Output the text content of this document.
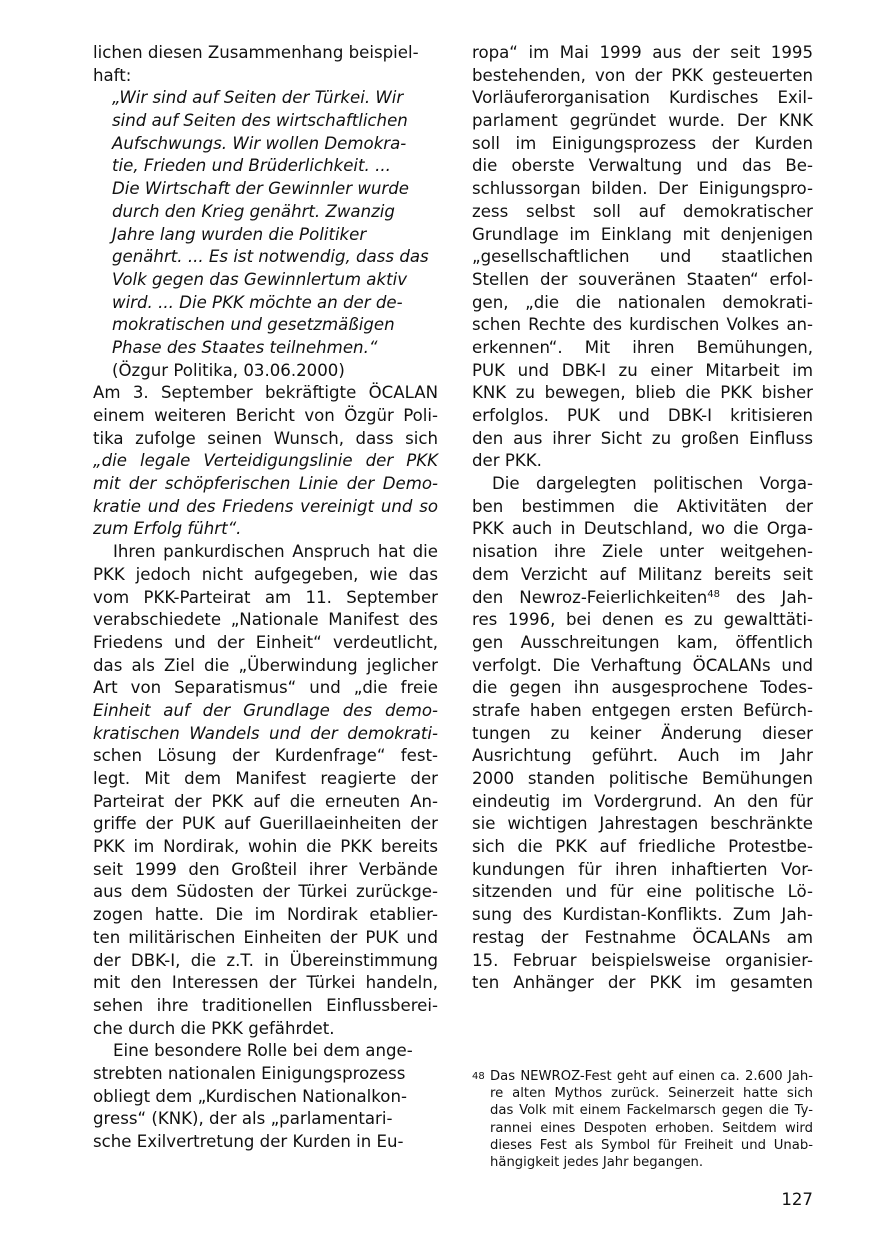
lichen diesen Zusammenhang beispiel-
haft:
„Wir sind auf Seiten der Türkei. Wir
sind auf Seiten des wirtschaftlichen
Aufschwungs. Wir wollen Demokra-
tie, Frieden und Brüderlichkeit. ...
Die Wirtschaft der Gewinnler wurde
durch den Krieg genährt. Zwanzig
Jahre lang wurden die Politiker
genährt. ... Es ist notwendig, dass das
Volk gegen das Gewinnlertum aktiv
wird. ... Die PKK möchte an der de-
mokratischen und gesetzmäßigen
Phase des Staates teilnehmen.“
(Özgur Politika, 03.06.2000)
Am 3. September bekräftigte ÖCALAN
einem weiteren Bericht von Özgür Poli-
tika zufolge seinen Wunsch, dass sich
„die legale Verteidigungslinie der PKK
mit der schöpferischen Linie der Demo-
kratie und des Friedens vereinigt und so
zum Erfolg führt“.
Ihren pankurdischen Anspruch hat die
PKK jedoch nicht aufgegeben, wie das
vom PKK-Parteirat am 11. September
verabschiedete „Nationale Manifest des
Friedens und der Einheit“ verdeutlicht,
das als Ziel die „Überwindung jeglicher
Art von Separatismus“ und „die freie
Einheit auf der Grundlage des demo-
kratischen Wandels und der demokrati-
schen Lösung der Kurdenfrage“ fest-
legt. Mit dem Manifest reagierte der
Parteirat der PKK auf die erneuten An-
griffe der PUK auf Guerillaeinheiten der
PKK im Nordirak, wohin die PKK bereits
seit 1999 den Großteil ihrer Verbände
aus dem Südosten der Türkei zurückge-
zogen hatte. Die im Nordirak etablier-
ten militärischen Einheiten der PUK und
der DBK-I, die z.T. in Übereinstimmung
mit den Interessen der Türkei handeln,
sehen ihre traditionellen Einflussberei-
che durch die PKK gefährdet.
Eine besondere Rolle bei dem ange-
strebten nationalen Einigungsprozess
obliegt dem „Kurdischen Nationalkon-
gress“ (KNK), der als „parlamentari-
sche Exilvertretung der Kurden in Eu-
ropa“ im Mai 1999 aus der seit 1995
bestehenden, von der PKK gesteuerten
Vorläuferorganisation Kurdisches Exil-
parlament gegründet wurde. Der KNK
soll im Einigungsprozess der Kurden
die oberste Verwaltung und das Be-
schlussorgan bilden. Der Einigungspro-
zess selbst soll auf demokratischer
Grundlage im Einklang mit denjenigen
„gesellschaftlichen und staatlichen
Stellen der souveränen Staaten“ erfol-
gen, „die die nationalen demokrati-
schen Rechte des kurdischen Volkes an-
erkennen“. Mit ihren Bemühungen,
PUK und DBK-I zu einer Mitarbeit im
KNK zu bewegen, blieb die PKK bisher
erfolglos. PUK und DBK-I kritisieren
den aus ihrer Sicht zu großen Einfluss
der PKK.
Die dargelegten politischen Vorga-
ben bestimmen die Aktivitäten der
PKK auch in Deutschland, wo die Orga-
nisation ihre Ziele unter weitgehen-
dem Verzicht auf Militanz bereits seit
den Newroz-Feierlichkeiten$^{48}$ des Jah-
res 1996, bei denen es zu gewalttäti-
gen Ausschreitungen kam, öffentlich
verfolgt. Die Verhaftung ÖCALANs und
die gegen ihn ausgesprochene Todes-
strafe haben entgegen ersten Befürch-
tungen zu keiner Änderung dieser
Ausrichtung geführt. Auch im Jahr
2000 standen politische Bemühungen
eindeutig im Vordergrund. An den für
sie wichtigen Jahrestagen beschränkte
sich die PKK auf friedliche Protestbe-
kundungen für ihren inhaftierten Vor-
sitzenden und für eine politische Lö-
sung des Kurdistan-Konflikts. Zum Jah-
restag der Festnahme ÖCALANs am
15. Februar beispielsweise organisier-
ten Anhänger der PKK im gesamten
48 Das NEWROZ-Fest geht auf einen ca. 2.600 Jah-
re alten Mythos zurück. Seinerzeit hatte sich
das Volk mit einem Fackelmarsch gegen die Ty-
rannei eines Despoten erhoben. Seitdem wird
dieses Fest als Symbol für Freiheit und Unab-
hängigkeit jedes Jahr begangen.
127
